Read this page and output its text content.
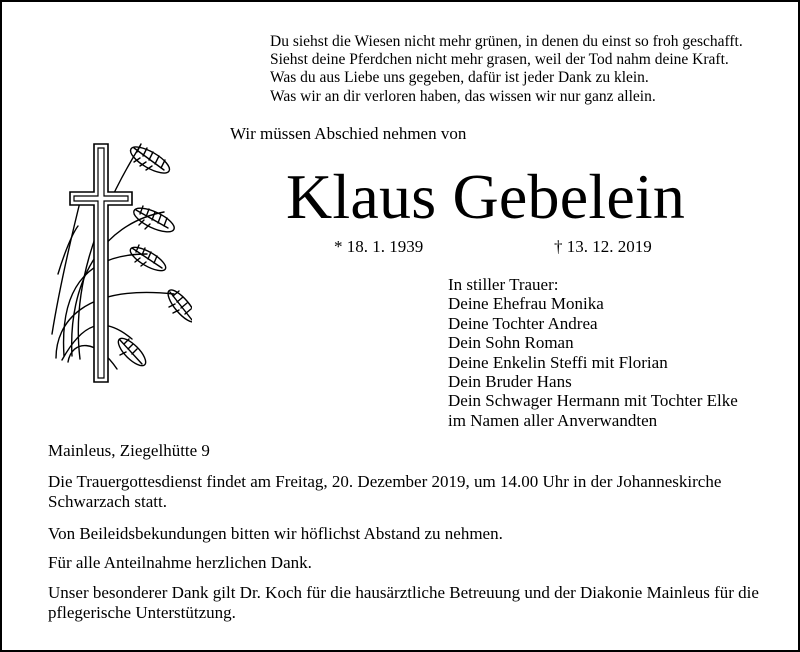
Du siehst die Wiesen nicht mehr grünen, in denen du einst so froh geschafft.
Siehst deine Pferdchen nicht mehr grasen, weil der Tod nahm deine Kraft.
Was du aus Liebe uns gegeben, dafür ist jeder Dank zu klein.
Was wir an dir verloren haben, das wissen wir nur ganz allein.
Wir müssen Abschied nehmen von
Klaus Gebelein
* 18. 1. 1939	† 13. 12. 2019
In stiller Trauer:
Deine Ehefrau Monika
Deine Tochter Andrea
Dein Sohn Roman
Deine Enkelin Steffi mit Florian
Dein Bruder Hans
Dein Schwager Hermann mit Tochter Elke
im Namen aller Anverwandten
Mainleus, Ziegelhütte 9
Die Trauergottesdienst findet am Freitag, 20. Dezember 2019, um 14.00 Uhr in der Johanneskirche Schwarzach statt.
Von Beileidsbekundungen bitten wir höflichst Abstand zu nehmen.
Für alle Anteilnahme herzlichen Dank.
Unser besonderer Dank gilt Dr. Koch für die hausärztliche Betreuung und der Diakonie Mainleus für die pflegerische Unterstützung.
